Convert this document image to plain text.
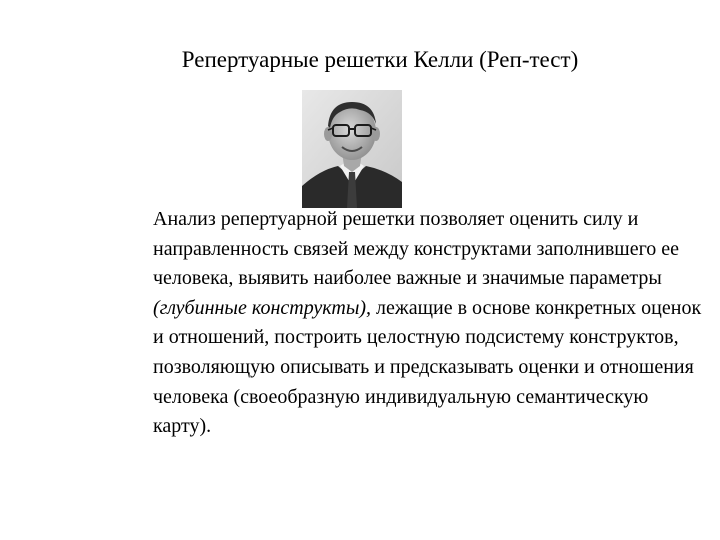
Репертуарные решетки Келли (Реп-тест)

Анализ репертуарной решетки позволяет оценить силу и направленность связей между конструктами заполнившего ее человека, выявить наиболее важные и значимые параметры (глубинные конструкты), лежащие в основе конкретных оценок и отношений, построить целостную подсистему конструктов, позволяющую описывать и предсказывать оценки и отношения человека (своеобразную индивидуальную семантическую карту).
